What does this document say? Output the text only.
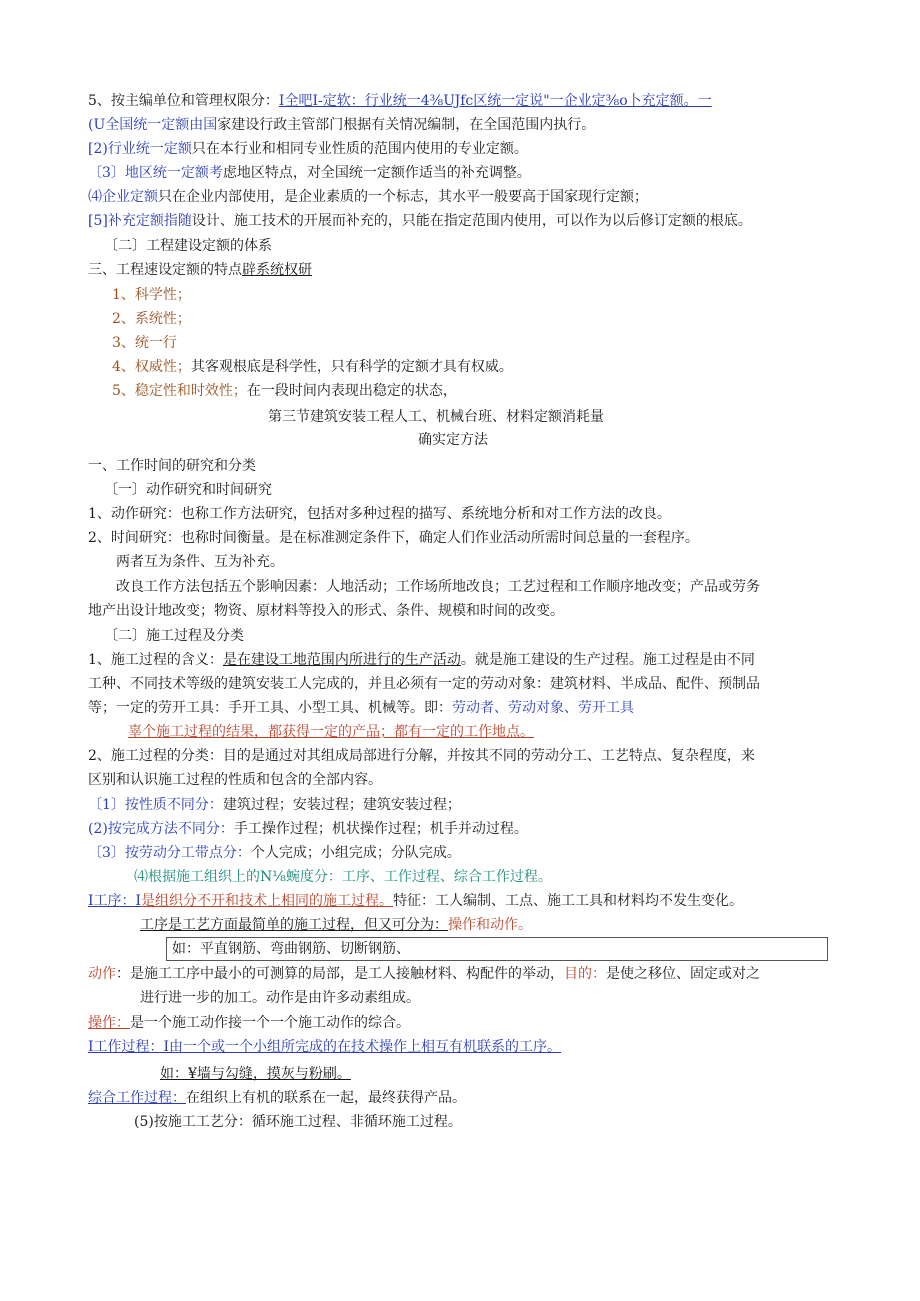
5、按主编单位和管理权限分：I全吧I-定软：行业统一4⅜UJfc区统一定说"一企业定⅜o卜充定额。一
(U全国统一定额由国家建设行政主管部门根据有关情况编制，在全国范围内执行。
[2)行业统一定额只在本行业和相同专业性质的范围内使用的专业定额。
〔3〕地区统一定额考虑地区特点，对全国统一定额作适当的补充调整。
⑷企业定额只在企业内部使用，是企业素质的一个标志，其水平一般要高于国家现行定额；
[5]补充定额指随设计、施工技术的开展而补充的，只能在指定范围内使用，可以作为以后修订定额的根底。
〔二〕工程建设定额的体系
三、工程速设定额的特点辟系统权研
1、科学性；
2、系统性；
3、统一行
4、权威性；其客观根底是科学性，只有科学的定额才具有权威。
5、稳定性和时效性；在一段时间内表现出稳定的状态，
第三节建筑安装工程人工、机械台班、材料定额消耗量
确实定方法
一、工作时间的研究和分类
〔一〕动作研究和时间研究
1、动作研究：也称工作方法研究，包括对多种过程的描写、系统地分析和对工作方法的改良。
2、时间研究：也称时间衡量。是在标准测定条件下，确定人们作业活动所需时间总量的一套程序。
两者互为条件、互为补充。
改良工作方法包括五个影响因素：人地活动；工作场所地改良；工艺过程和工作顺序地改变；产品或劳务
地产出设计地改变；物资、原材料等投入的形式、条件、规模和时间的改变。
〔二〕施工过程及分类
1、施工过程的含义：是在建设工地范围内所进行的生产活动。就是施工建设的生产过程。施工过程是由不同
工种、不同技术等级的建筑安装工人完成的，并且必须有一定的劳动对象：建筑材料、半成品、配件、预制品
等；一定的劳开工具：手开工具、小型工具、机械等。即：劳动者、劳动对象、劳开工具
辜个施工过程的结果，都获得一定的产品；都有一定的工作地点。
2、施工过程的分类：目的是通过对其组成局部进行分解，并按其不同的劳动分工、工艺特点、复杂程度，来
区别和认识施工过程的性质和包含的全部内容。
〔1〕按性质不同分：建筑过程；安装过程；建筑安装过程；
(2)按完成方法不同分：手工操作过程；机状操作过程；机手并动过程。
〔3〕按劳动分工带点分：个人完成；小组完成；分队完成。
⑷根据施工组织上的N⅛蜿度分：工序、工作过程、综合工作过程。
I工序：I是组织分不开和技术上相同的施工过程。特征：工人编制、工点、施工工具和材料均不发生变化。
工序是工艺方面最简单的施工过程，但又可分为：操作和动作。
如：平直钢筋、弯曲钢筋、切断钢筋、
动作：是施工工序中最小的可测算的局部，是工人接触材料、构配件的举动，目的：是使之移位、固定或对之
进行进一步的加工。动作是由许多动素组成。
操作：是一个施工动作接一个一个施工动作的综合。
I工作过程：I由一个或一个小组所完成的在技术操作上相互有机联系的工序。
如：¥墙与勾缝，摸灰与粉刷。
综合工作过程：在组织上有机的联系在一起，最终获得产品。
(5)按施工工艺分：循环施工过程、非循环施工过程。
